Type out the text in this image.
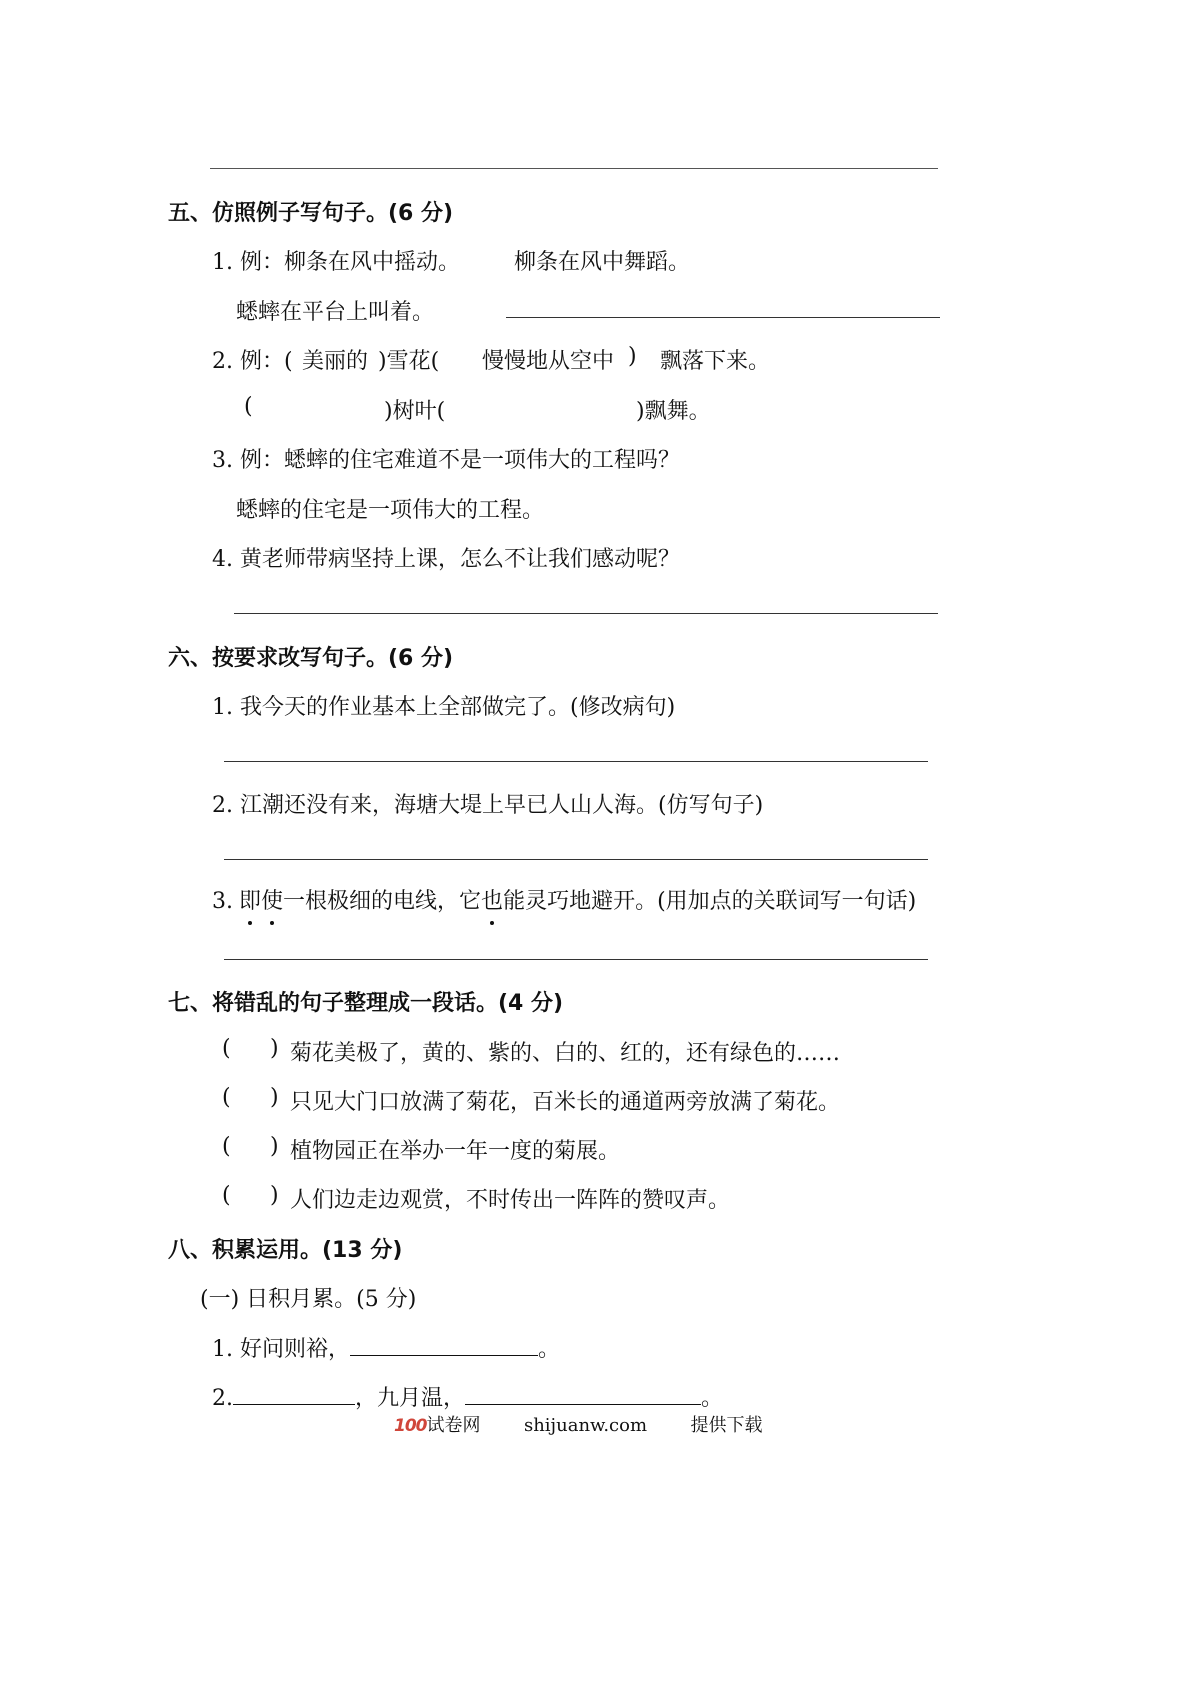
五、仿照例子写句子。(6 分)
1. 例：柳条在风中摇动。 柳条在风中舞蹈。
蟋蟀在平台上叫着。
2. 例：( 美丽的 )雪花( 慢慢地从空中 ) 飘落下来。
(	)树叶(	)飘舞。
3. 例：蟋蟀的住宅难道不是一项伟大的工程吗？
蟋蟀的住宅是一项伟大的工程。
4. 黄老师带病坚持上课，怎么不让我们感动呢？
六、按要求改写句子。(6 分)
1. 我今天的作业基本上全部做完了。(修改病句)
2. 江潮还没有来，海塘大堤上早已人山人海。(仿写句子)
3. 即使一根极细的电线，它也能灵巧地避开。(用加点的关联词写一句话)
七、将错乱的句子整理成一段话。(4 分)
( ) 菊花美极了，黄的、紫的、白的、红的，还有绿色的……
( ) 只见大门口放满了菊花，百米长的通道两旁放满了菊花。
( ) 植物园正在举办一年一度的菊展。
( ) 人们边走边观赏，不时传出一阵阵的赞叹声。
八、积累运用。(13 分)
(一) 日积月累。(5 分)
1. 好问则裕，	。
2.	，九月温，	。
100试卷网 shijuanw.com 提供下载
